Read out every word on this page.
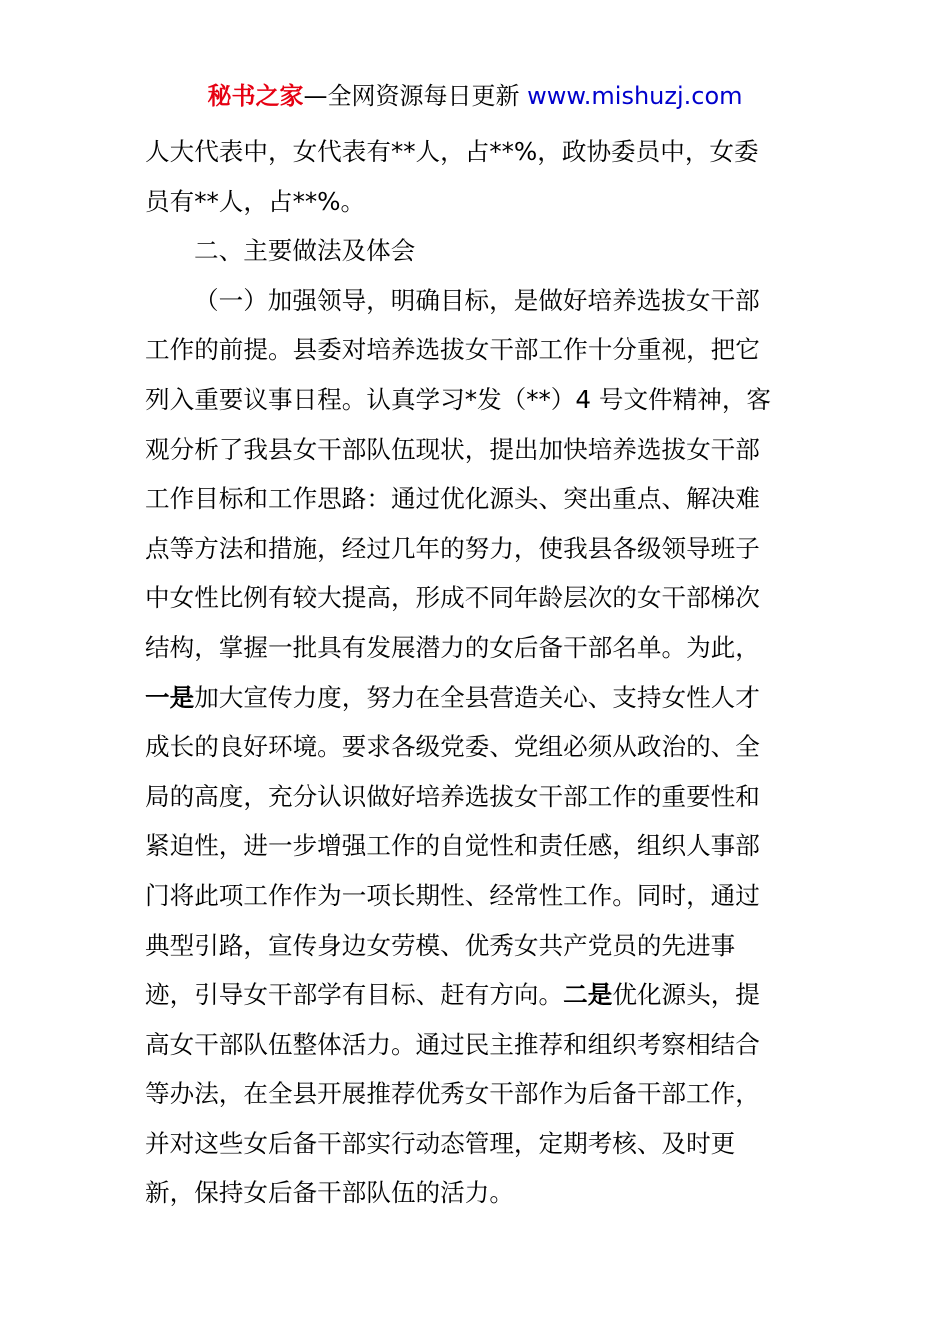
秘书之家—全网资源每日更新 www.mishuzj.com
人大代表中，女代表有**人，占**%，政协委员中，女委
员有**人，占**%。
二、主要做法及体会
（一）加强领导，明确目标，是做好培养选拔女干部
工作的前提。县委对培养选拔女干部工作十分重视，把它
列入重要议事日程。认真学习*发（**）4 号文件精神，客
观分析了我县女干部队伍现状，提出加快培养选拔女干部
工作目标和工作思路：通过优化源头、突出重点、解决难
点等方法和措施，经过几年的努力，使我县各级领导班子
中女性比例有较大提高，形成不同年龄层次的女干部梯次
结构，掌握一批具有发展潜力的女后备干部名单。为此，
一是加大宣传力度，努力在全县营造关心、支持女性人才
成长的良好环境。要求各级党委、党组必须从政治的、全
局的高度，充分认识做好培养选拔女干部工作的重要性和
紧迫性，进一步增强工作的自觉性和责任感，组织人事部
门将此项工作作为一项长期性、经常性工作。同时，通过
典型引路，宣传身边女劳模、优秀女共产党员的先进事
迹，引导女干部学有目标、赶有方向。二是优化源头，提
高女干部队伍整体活力。通过民主推荐和组织考察相结合
等办法，在全县开展推荐优秀女干部作为后备干部工作，
并对这些女后备干部实行动态管理，定期考核、及时更
新，保持女后备干部队伍的活力。
